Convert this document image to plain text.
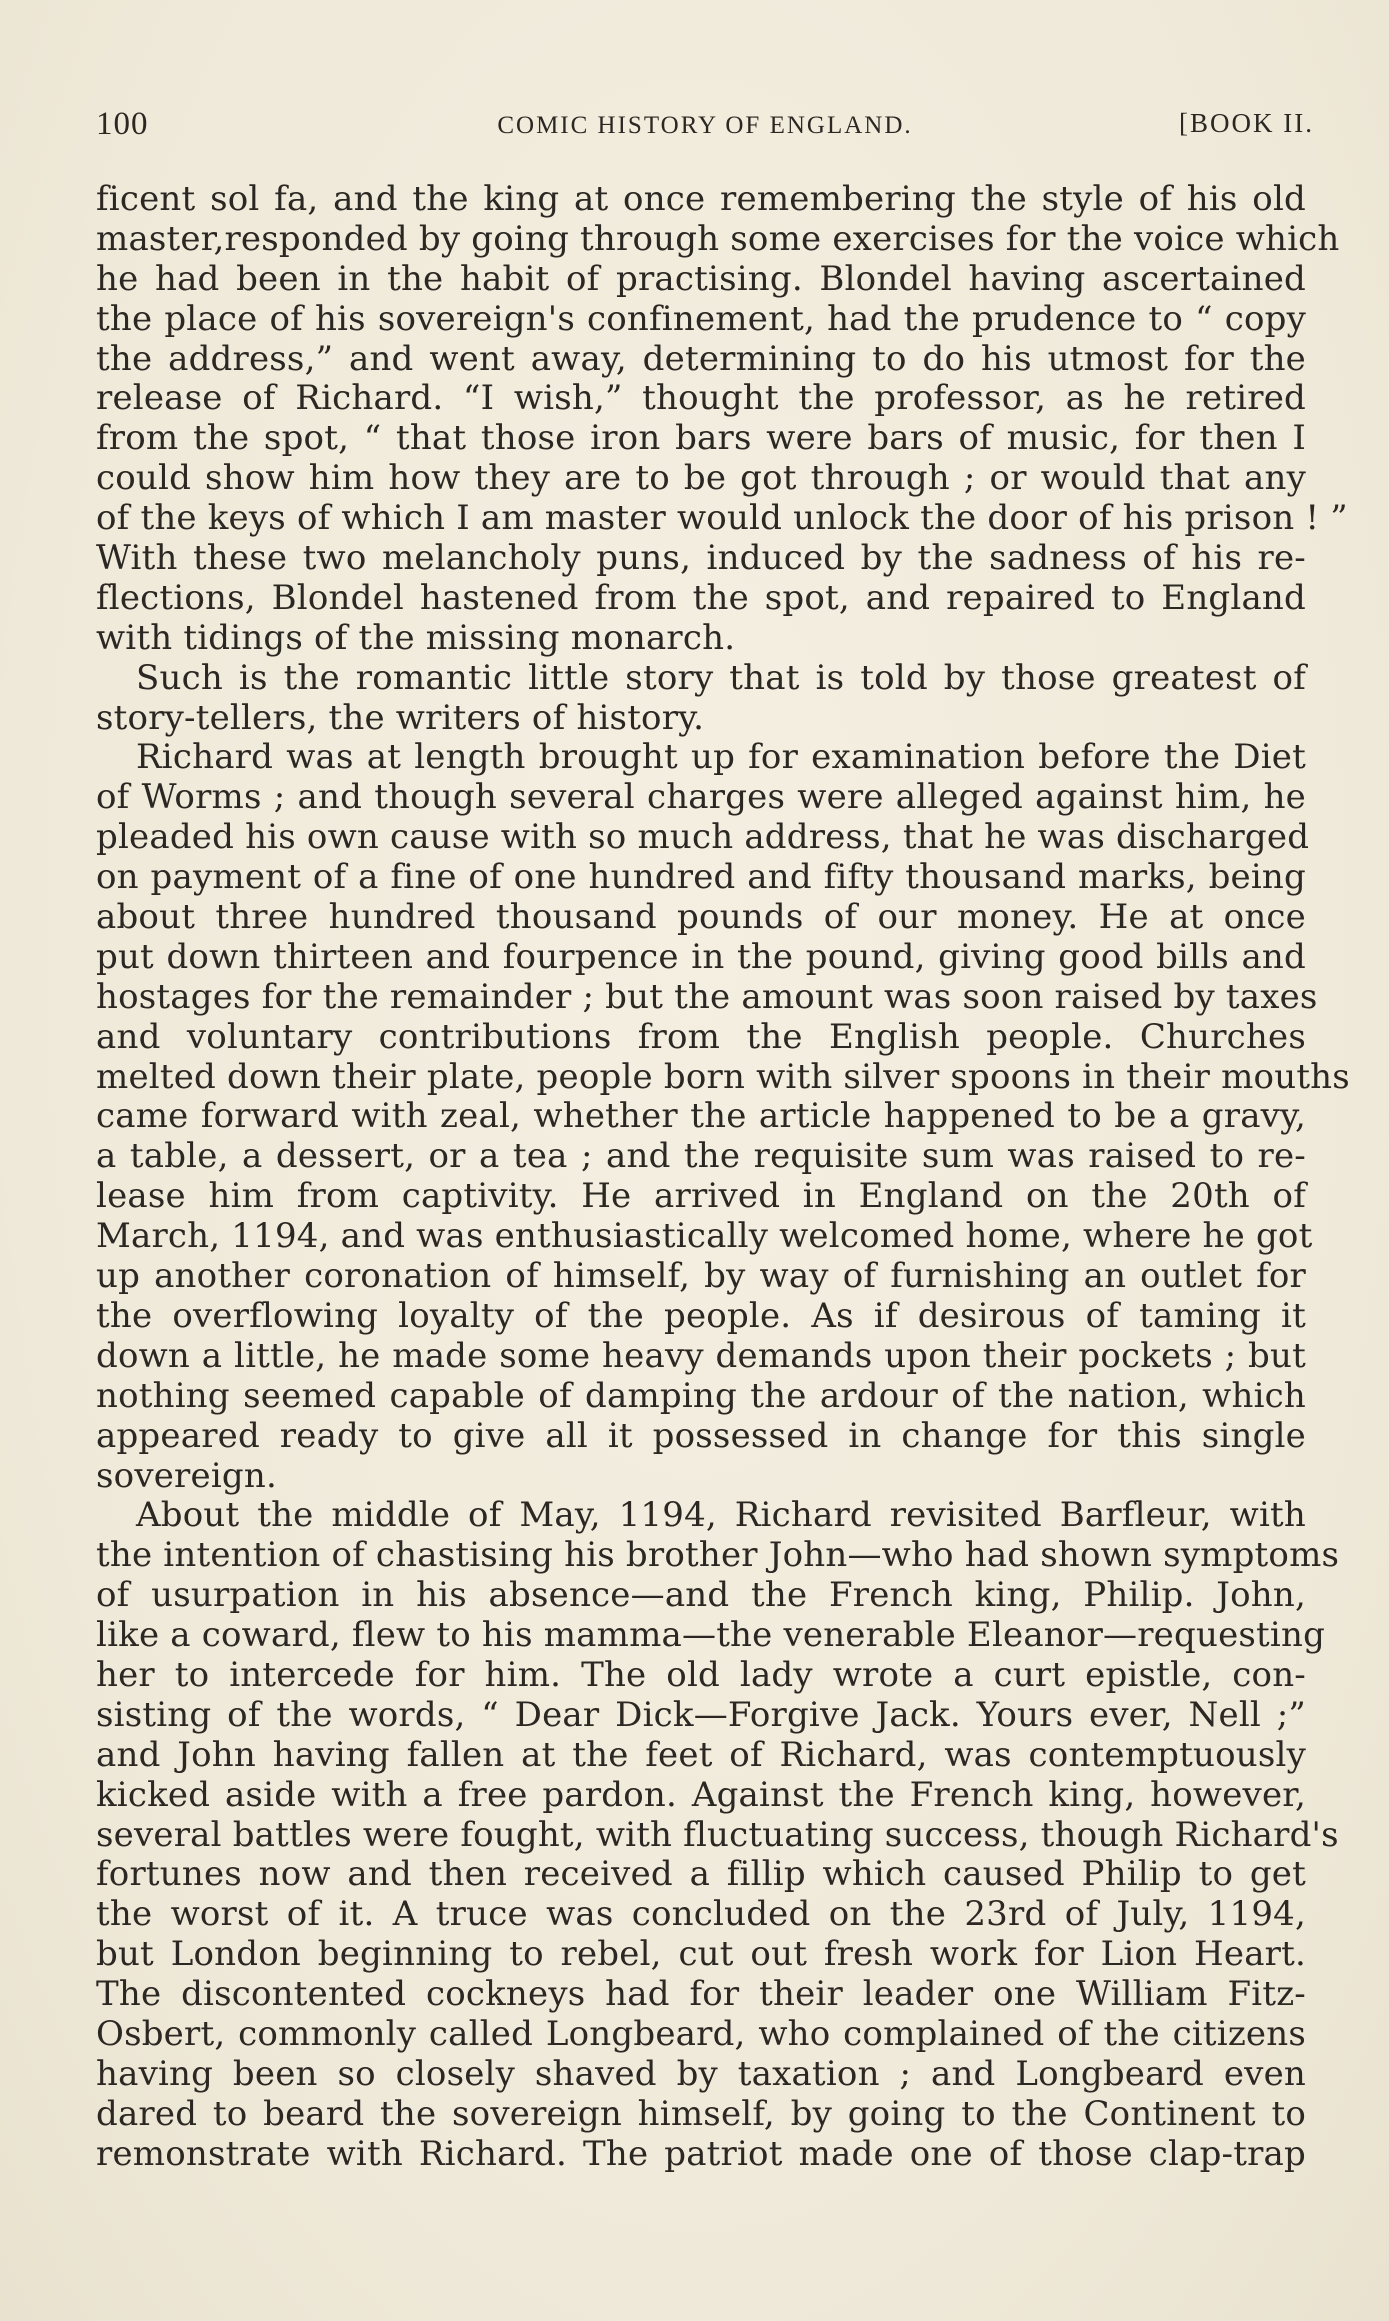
100	COMIC HISTORY OF ENGLAND.	[BOOK II.
ficent sol fa, and the king at once remembering the style of his old
master,responded by going through some exercises for the voice which
he had been in the habit of practising. Blondel having ascertained
the place of his sovereign's confinement, had the prudence to “ copy
the address,” and went away, determining to do his utmost for the
release of Richard. “I wish,” thought the professor, as he retired
from the spot, “ that those iron bars were bars of music, for then I
could show him how they are to be got through ; or would that any
of the keys of which I am master would unlock the door of his prison ! ”
With these two melancholy puns, induced by the sadness of his re-
flections, Blondel hastened from the spot, and repaired to England
with tidings of the missing monarch.
Such is the romantic little story that is told by those greatest of
story-tellers, the writers of history.
Richard was at length brought up for examination before the Diet
of Worms ; and though several charges were alleged against him, he
pleaded his own cause with so much address, that he was discharged
on payment of a fine of one hundred and fifty thousand marks, being
about three hundred thousand pounds of our money. He at once
put down thirteen and fourpence in the pound, giving good bills and
hostages for the remainder ; but the amount was soon raised by taxes
and voluntary contributions from the English people. Churches
melted down their plate, people born with silver spoons in their mouths
came forward with zeal, whether the article happened to be a gravy,
a table, a dessert, or a tea ; and the requisite sum was raised to re-
lease him from captivity. He arrived in England on the 20th of
March, 1194, and was enthusiastically welcomed home, where he got
up another coronation of himself, by way of furnishing an outlet for
the overflowing loyalty of the people. As if desirous of taming it
down a little, he made some heavy demands upon their pockets ; but
nothing seemed capable of damping the ardour of the nation, which
appeared ready to give all it possessed in change for this single
sovereign.
About the middle of May, 1194, Richard revisited Barfleur, with
the intention of chastising his brother John—who had shown symptoms
of usurpation in his absence—and the French king, Philip. John,
like a coward, flew to his mamma—the venerable Eleanor—requesting
her to intercede for him. The old lady wrote a curt epistle, con-
sisting of the words, “ Dear Dick—Forgive Jack. Yours ever, Nell ;”
and John having fallen at the feet of Richard, was contemptuously
kicked aside with a free pardon. Against the French king, however,
several battles were fought, with fluctuating success, though Richard's
fortunes now and then received a fillip which caused Philip to get
the worst of it. A truce was concluded on the 23rd of July, 1194,
but London beginning to rebel, cut out fresh work for Lion Heart.
The discontented cockneys had for their leader one William Fitz-
Osbert, commonly called Longbeard, who complained of the citizens
having been so closely shaved by taxation ; and Longbeard even
dared to beard the sovereign himself, by going to the Continent to
remonstrate with Richard. The patriot made one of those clap-trap
